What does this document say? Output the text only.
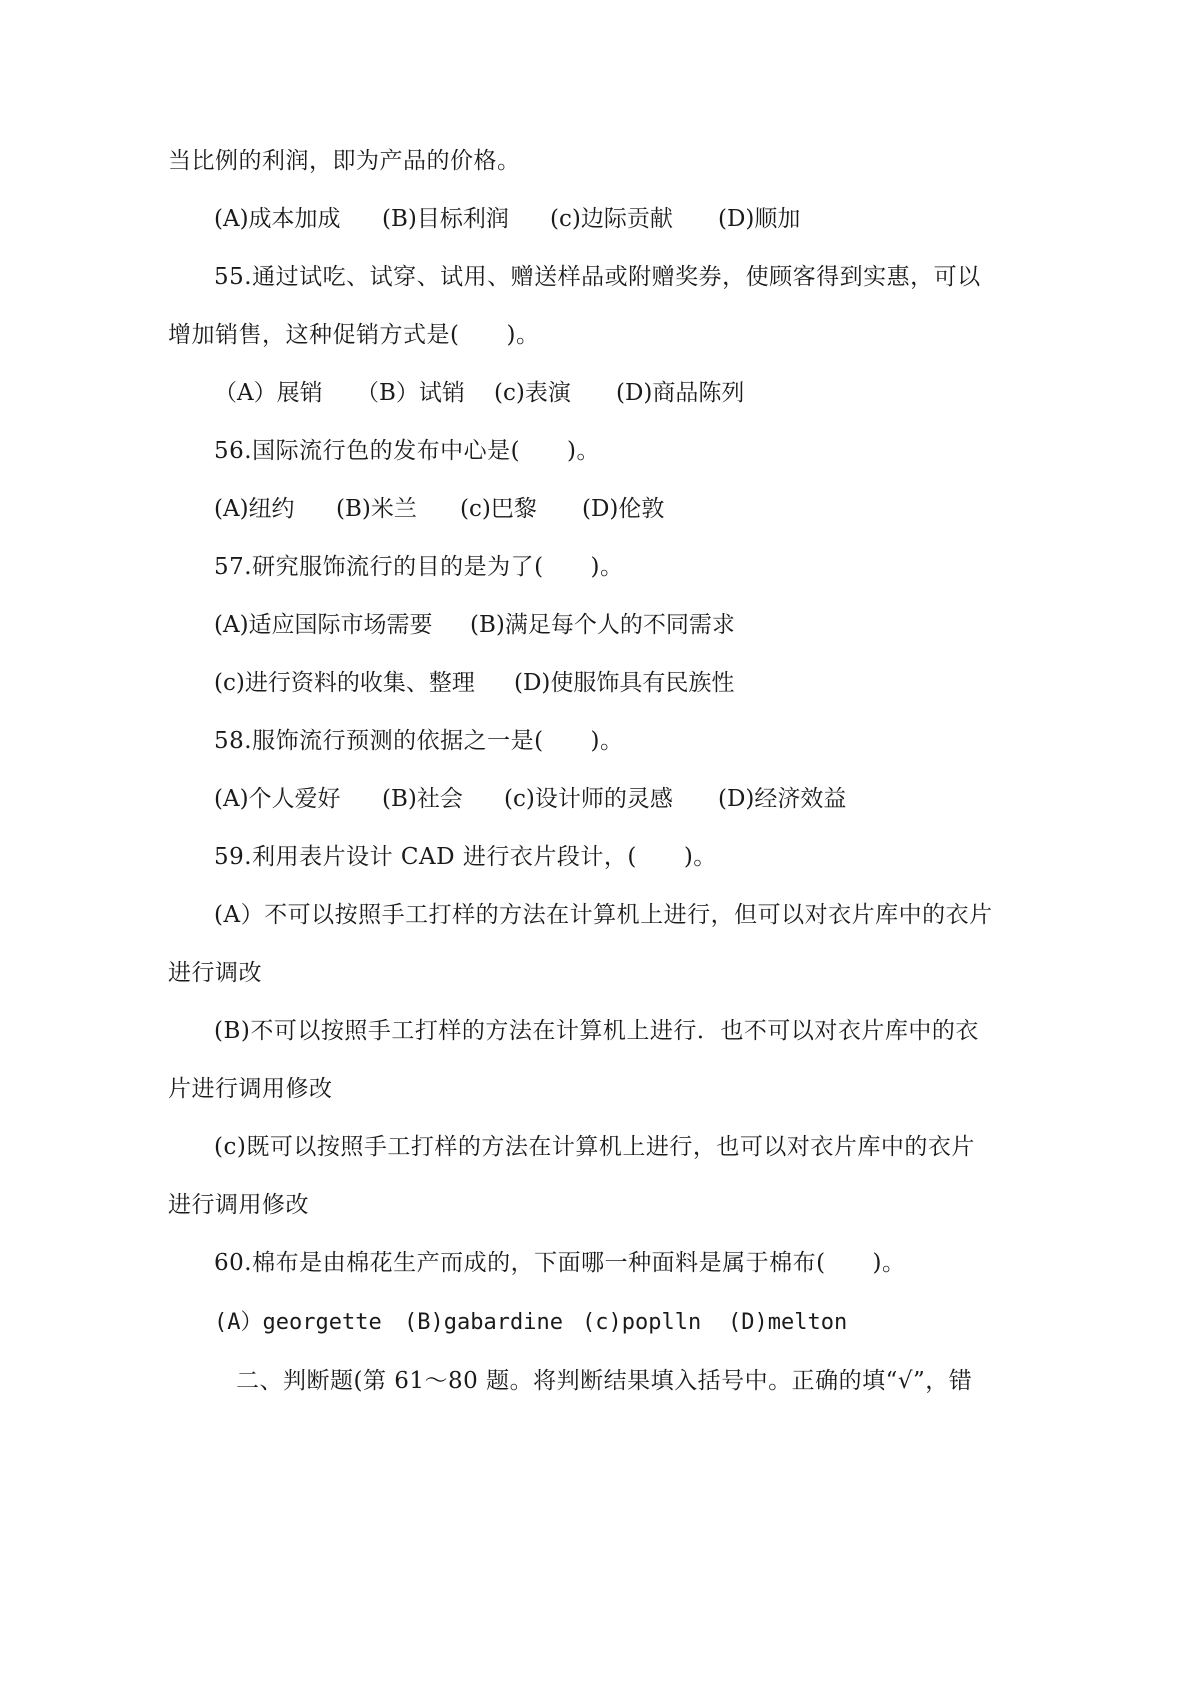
当比例的利润，即为产品的价格。
(A)成本加成 (B)目标利润 (c)边际贡献 (D)顺加
55.通过试吃、试穿、试用、赠送样品或附赠奖券，使顾客得到实惠，可以
增加销售，这种促销方式是(　　)。
（A）展销 （B）试销 (c)表演 (D)商品陈列
56.国际流行色的发布中心是(　　)。
(A)纽约 (B)米兰 (c)巴黎 (D)伦敦
57.研究服饰流行的目的是为了(　　)。
(A)适应国际市场需要 (B)满足每个人的不同需求
(c)进行资料的收集、整理 (D)使服饰具有民族性
58.服饰流行预测的依据之一是(　　)。
(A)个人爱好 (B)社会 (c)设计师的灵感 (D)经济效益
59.利用表片设计 CAD 进行衣片段计，(　　)。
(A）不可以按照手工打样的方法在计算机上进行，但可以对衣片库中的衣片
进行调改
(B)不可以按照手工打样的方法在计算机上进行．也不可以对衣片库中的衣
片进行调用修改
(c)既可以按照手工打样的方法在计算机上进行，也可以对衣片库中的衣片
进行调用修改
60.棉布是由棉花生产而成的，下面哪一种面料是属于棉布(　　)。
(A）georgette (B)gabardine (c)poplln (D)melton
二、判断题(第 61～80 题。将判断结果填入括号中。正确的填“√”，错
